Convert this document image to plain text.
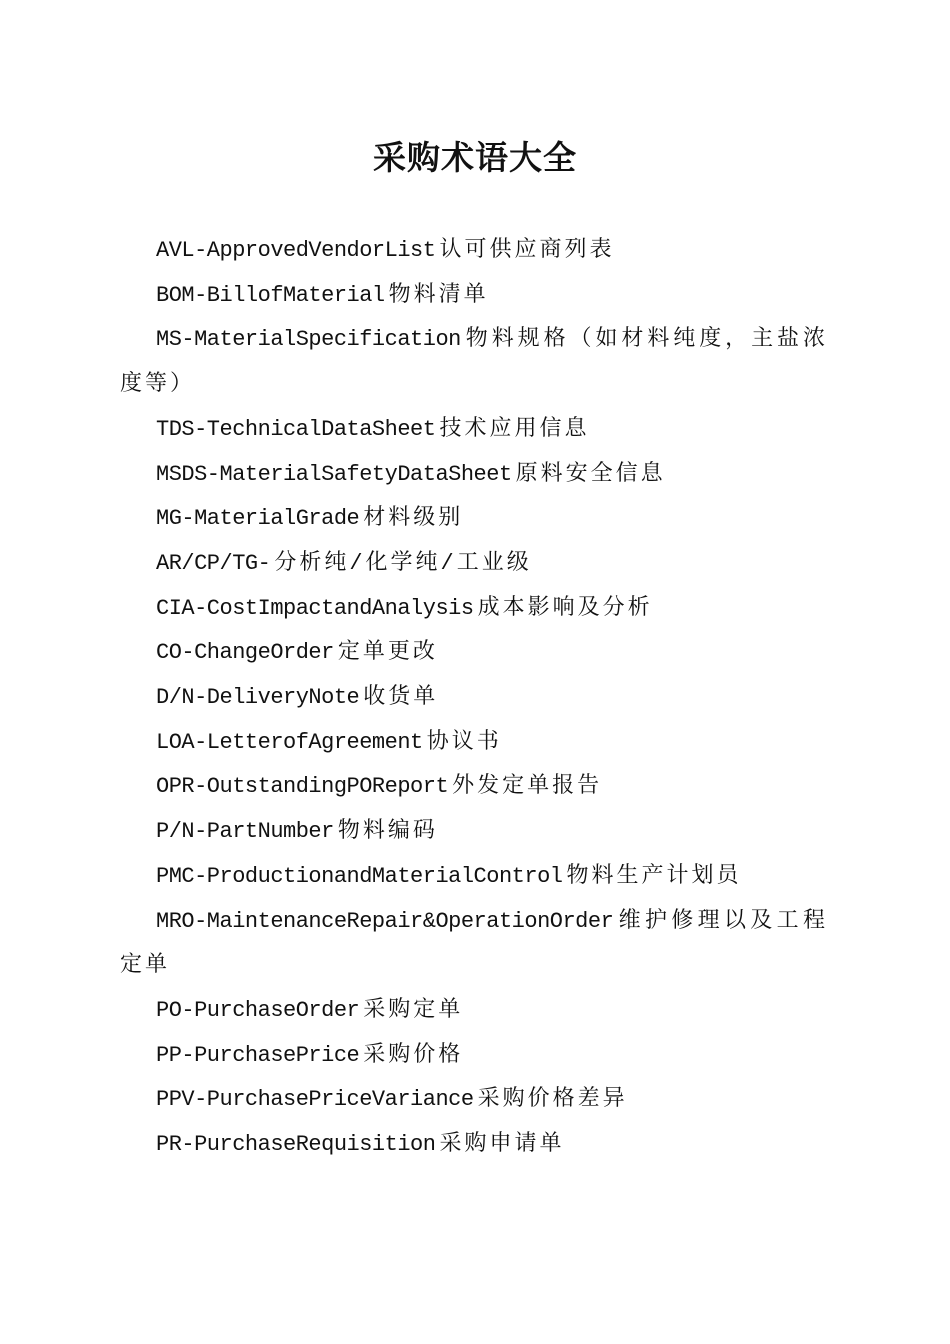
采购术语大全
AVL-ApprovedVendorList 认可供应商列表
BOM-BillofMaterial 物料清单
MS-MaterialSpecification 物料规格（如材料纯度，主盐浓度等）
TDS-TechnicalDataSheet 技术应用信息
MSDS-MaterialSafetyDataSheet 原料安全信息
MG-MaterialGrade 材料级别
AR/CP/TG- 分析纯/化学纯/工业级
CIA-CostImpactandAnalysis 成本影响及分析
CO-ChangeOrder 定单更改
D/N-DeliveryNote 收货单
LOA-LetterofAgreement 协议书
OPR-OutstandingPOReport 外发定单报告
P/N-PartNumber 物料编码
PMC-ProductionandMaterialControl 物料生产计划员
MRO-MaintenanceRepair&OperationOrder 维护修理以及工程定单
PO-PurchaseOrder 采购定单
PP-PurchasePrice 采购价格
PPV-PurchasePriceVariance 采购价格差异
PR-PurchaseRequisition 采购申请单
